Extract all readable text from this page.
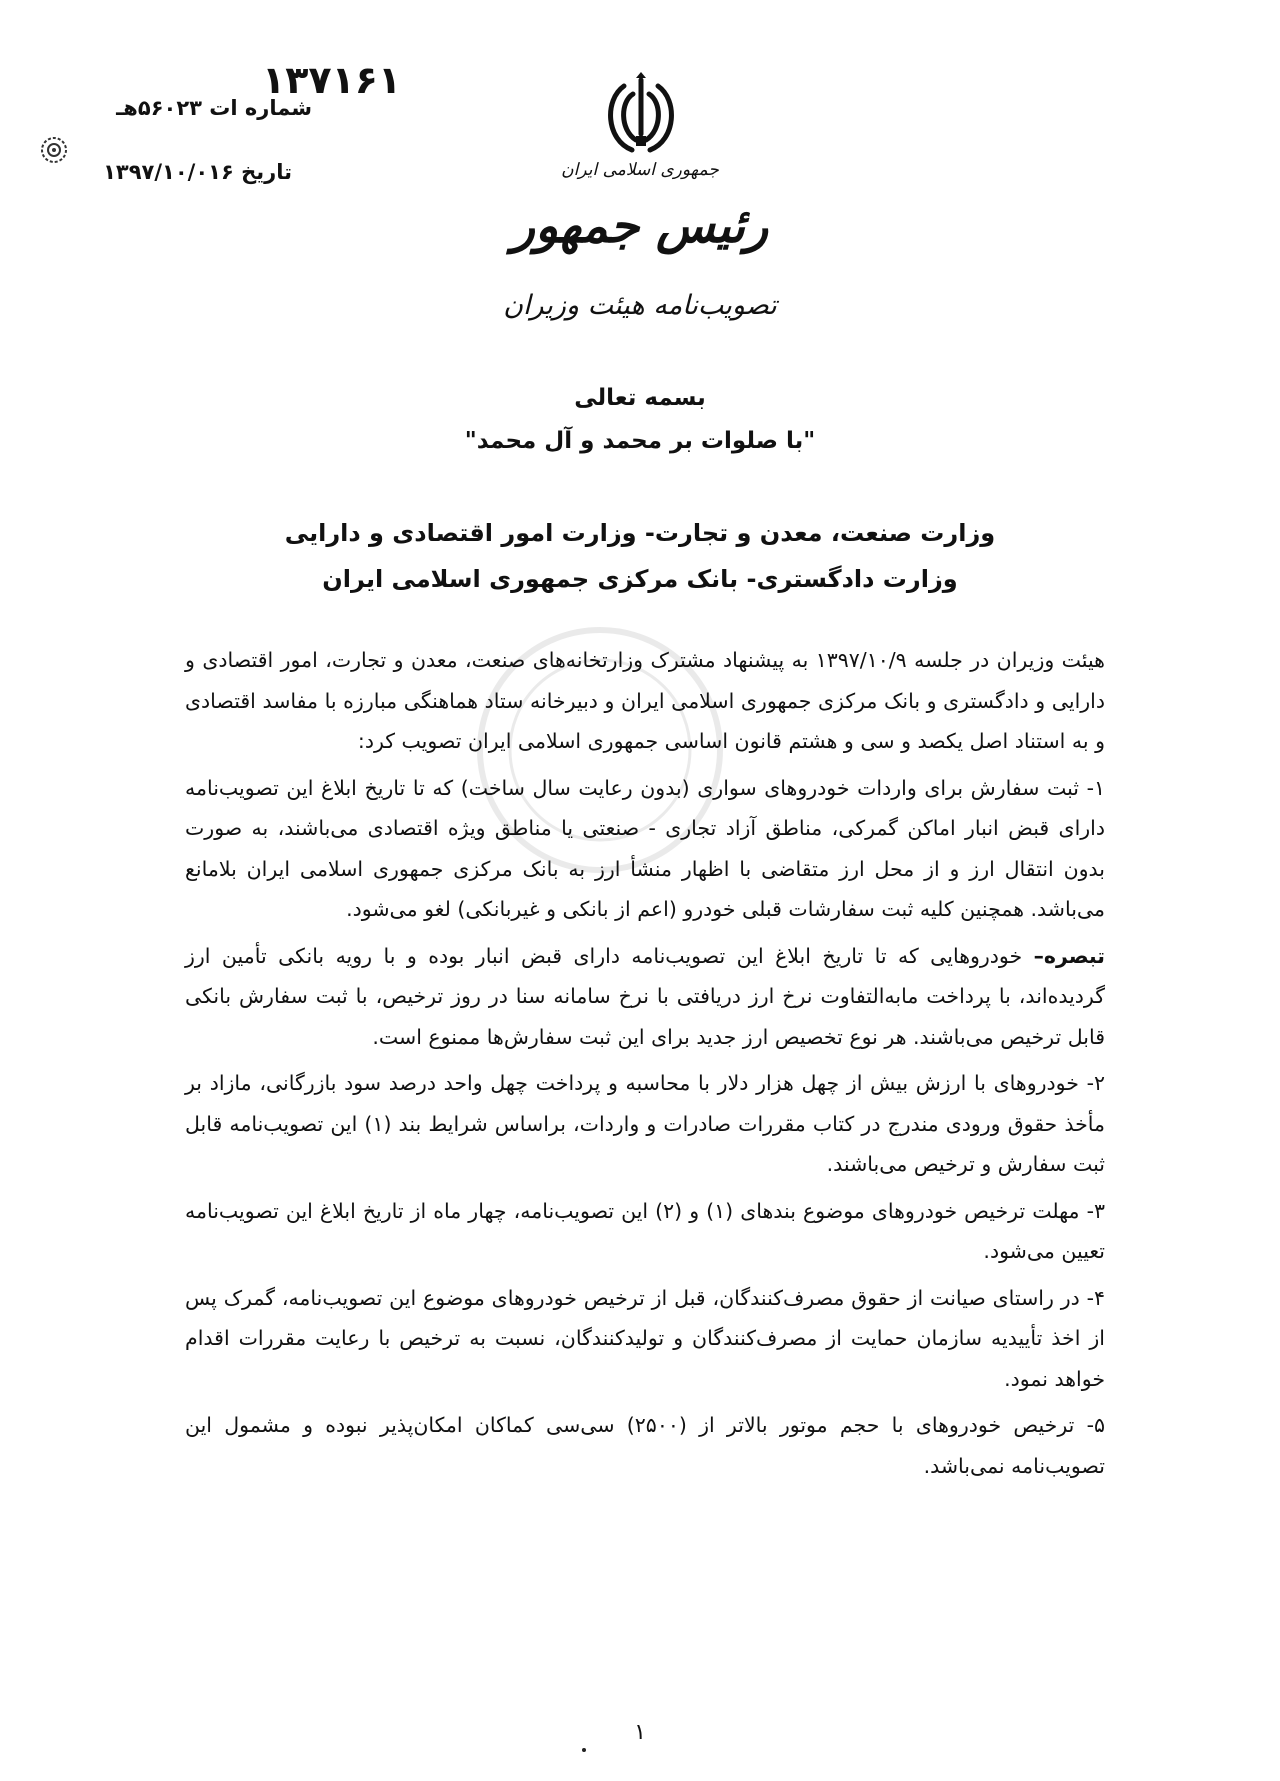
۱۳۷۱۶۱
شماره ات ۵۶۰۲۳هـ
تاریخ ۱۳۹۷/۱۰/۰۱۶	جمهوری اسلامی ایران
رئیس جمهور
تصویب‌نامه هیئت وزیران
بسمه تعالی
"با صلوات بر محمد و آل محمد"
وزارت صنعت، معدن و تجارت- وزارت امور اقتصادی و دارایی
وزارت دادگستری- بانک مرکزی جمهوری اسلامی ایران

هیئت وزیران در جلسه ۱۳۹۷/۱۰/۹ به پیشنهاد مشترک وزارتخانه‌های صنعت، معدن و تجارت، امور اقتصادی و دارایی و دادگستری و بانک مرکزی جمهوری اسلامی ایران و دبیرخانه ستاد هماهنگی مبارزه با مفاسد اقتصادی و به استناد اصل یکصد و سی و هشتم قانون اساسی جمهوری اسلامی ایران تصویب کرد:

۱- ثبت سفارش برای واردات خودروهای سواری (بدون رعایت سال ساخت) که تا تاریخ ابلاغ این تصویب‌نامه دارای قبض انبار اماکن گمرکی، مناطق آزاد تجاری - صنعتی یا مناطق ویژه اقتصادی می‌باشند، به صورت بدون انتقال ارز و از محل ارز متقاضی با اظهار منشأ ارز به بانک مرکزی جمهوری اسلامی ایران بلامانع می‌باشد. همچنین کلیه ثبت سفارشات قبلی خودرو (اعم از بانکی و غیربانکی) لغو می‌شود.

تبصره– خودروهایی که تا تاریخ ابلاغ این تصویب‌نامه دارای قبض انبار بوده و با رویه بانکی تأمین ارز گردیده‌اند، با پرداخت مابه‌التفاوت نرخ ارز دریافتی با نرخ سامانه سنا در روز ترخیص، با ثبت سفارش بانکی قابل ترخیص می‌باشند. هر نوع تخصیص ارز جدید برای این ثبت سفارش‌ها ممنوع است.

۲- خودروهای با ارزش بیش از چهل هزار دلار با محاسبه و پرداخت چهل واحد درصد سود بازرگانی، مازاد بر مأخذ حقوق ورودی مندرج در کتاب مقررات صادرات و واردات، براساس شرایط بند (۱) این تصویب‌نامه قابل ثبت سفارش و ترخیص می‌باشند.

۳- مهلت ترخیص خودروهای موضوع بندهای (۱) و (۲) این تصویب‌نامه، چهار ماه از تاریخ ابلاغ این تصویب‌نامه تعیین می‌شود.

۴- در راستای صیانت از حقوق مصرف‌کنندگان، قبل از ترخیص خودروهای موضوع این تصویب‌نامه، گمرک پس از اخذ تأییدیه سازمان حمایت از مصرف‌کنندگان و تولیدکنندگان، نسبت به ترخیص با رعایت مقررات اقدام خواهد نمود.

۵- ترخیص خودروهای با حجم موتور بالاتر از (۲۵۰۰) سی‌سی کماکان امکان‌پذیر نبوده و مشمول این تصویب‌نامه نمی‌باشد.

۱
